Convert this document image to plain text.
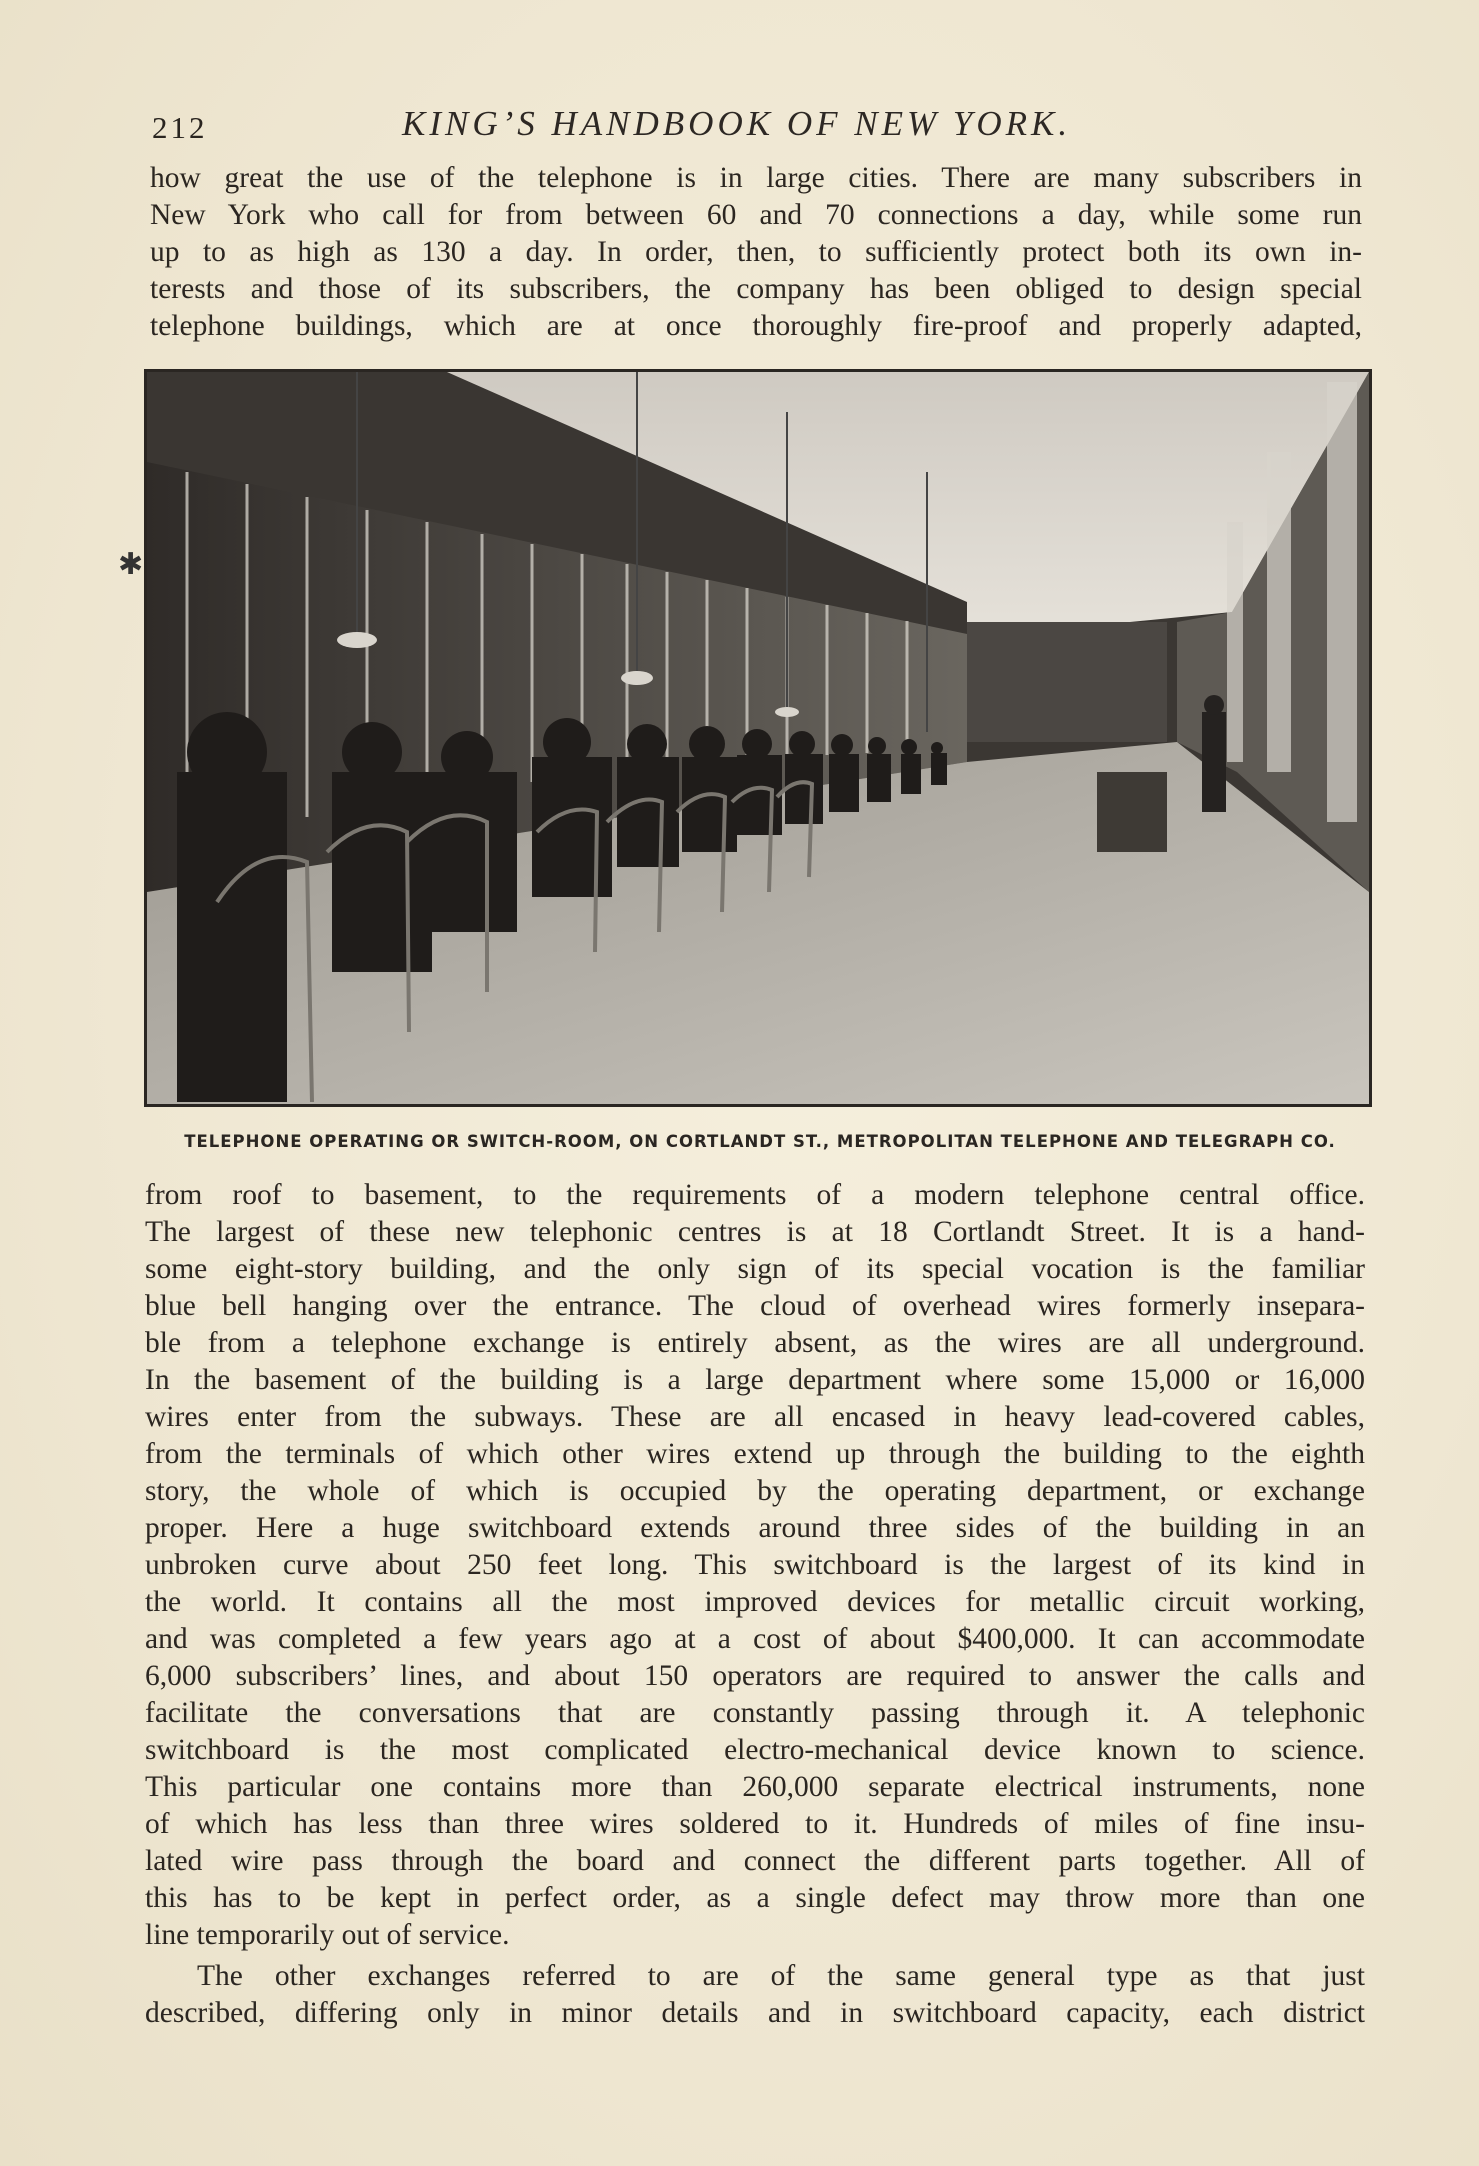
212	KING’S HANDBOOK OF NEW YORK.

how great the use of the telephone is in large cities. There are many subscribers in
New York who call for from between 60 and 70 connections a day, while some run
up to as high as 130 a day. In order, then, to sufficiently protect both its own in-
terests and those of its subscribers, the company has been obliged to design special
telephone buildings, which are at once thoroughly fire-proof and properly adapted,

✱
TELEPHONE OPERATING OR SWITCH-ROOM, ON CORTLANDT ST., METROPOLITAN TELEPHONE AND TELEGRAPH CO.

from roof to basement, to the requirements of a modern telephone central office.
The largest of these new telephonic centres is at 18 Cortlandt Street. It is a hand-
some eight-story building, and the only sign of its special vocation is the familiar
blue bell hanging over the entrance. The cloud of overhead wires formerly insepara-
ble from a telephone exchange is entirely absent, as the wires are all underground.
In the basement of the building is a large department where some 15,000 or 16,000
wires enter from the subways. These are all encased in heavy lead-covered cables,
from the terminals of which other wires extend up through the building to the eighth
story, the whole of which is occupied by the operating department, or exchange
proper. Here a huge switchboard extends around three sides of the building in an
unbroken curve about 250 feet long. This switchboard is the largest of its kind in
the world. It contains all the most improved devices for metallic circuit working,
and was completed a few years ago at a cost of about $400,000. It can accommodate
6,000 subscribers’ lines, and about 150 operators are required to answer the calls and
facilitate the conversations that are constantly passing through it. A telephonic
switchboard is the most complicated electro-mechanical device known to science.
This particular one contains more than 260,000 separate electrical instruments, none
of which has less than three wires soldered to it. Hundreds of miles of fine insu-
lated wire pass through the board and connect the different parts together. All of
this has to be kept in perfect order, as a single defect may throw more than one
line temporarily out of service.

The other exchanges referred to are of the same general type as that just
described, differing only in minor details and in switchboard capacity, each district
